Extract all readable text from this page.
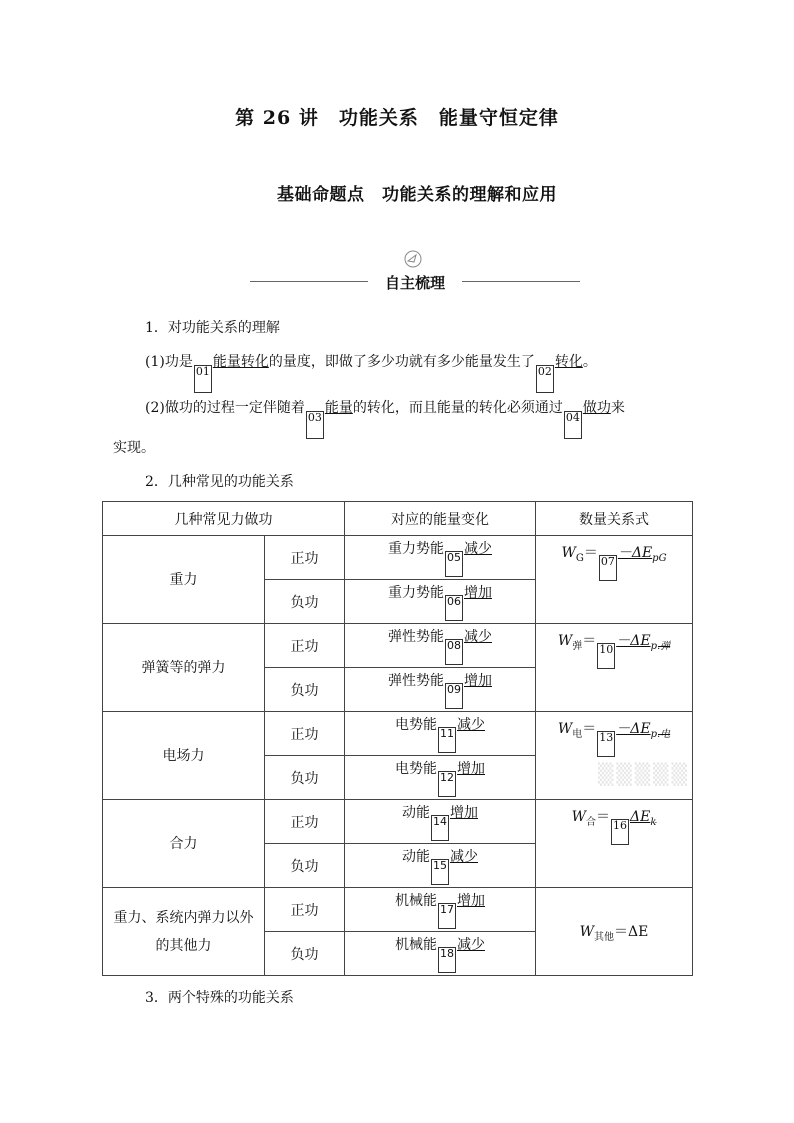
第 26 讲　功能关系　能量守恒定律
基础命题点　功能关系的理解和应用
自主梳理
1．对功能关系的理解
(1)功是01能量转化的量度，即做了多少功就有多少能量发生了02转化。
(2)做功的过程一定伴随着03能量的转化，而且能量的转化必须通过04做功来
实现。
2．几种常见的功能关系
几种常见力做功		对应的能量变化	数量关系式
重力	正功	重力势能05减少	$W_G=07-\Delta E_{pG}$
	负功	重力势能06增加	
弹簧等的弹力	正功	弹性势能08减少	$W_弹=10-\Delta E_{p.弹}$
	负功	弹性势能09增加	
电场力	正功	电势能11减少	$W_电=13-\Delta E_{p.电}$
	负功	电势能12增加	
合力	正功	动能14增加	$W_合=16\Delta E_k$
	负功	动能15减少	
重力、系统内弹力以外的其他力	正功	机械能17增加	$W_{其他}=\Delta E$
	负功	机械能18减少	
3．两个特殊的功能关系
▒▒▒▒▒
